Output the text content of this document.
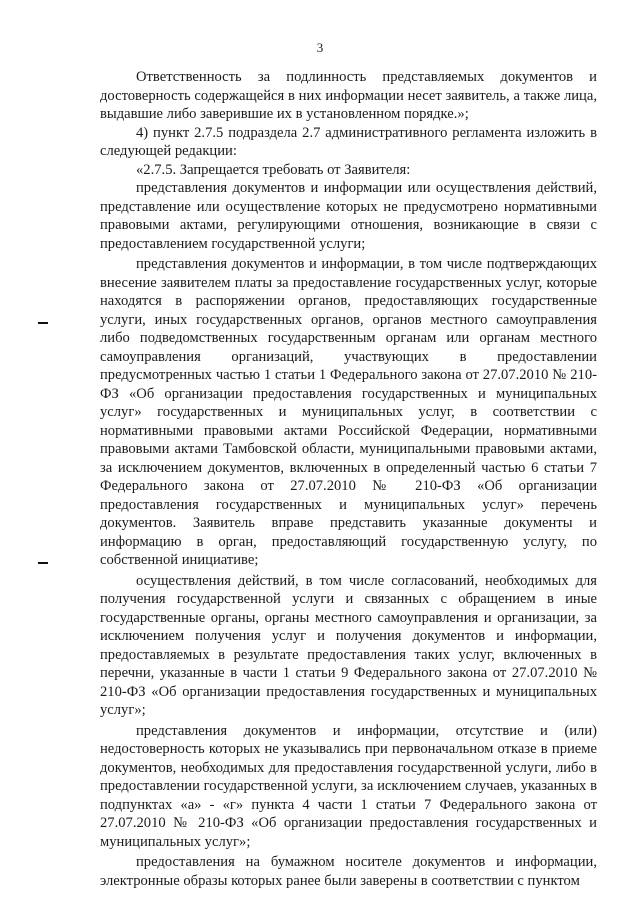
3

Ответственность за подлинность представляемых документов и достоверность содержащейся в них информации несет заявитель, а также лица, выдавшие либо заверившие их в установленном порядке.»;

4) пункт 2.7.5 подраздела 2.7 административного регламента изложить в следующей редакции:

«2.7.5. Запрещается требовать от Заявителя:

представления документов и информации или осуществления действий, представление или осуществление которых не предусмотрено нормативными правовыми актами, регулирующими отношения, возникающие в связи с предоставлением государственной услуги;

представления документов и информации, в том числе подтверждающих внесение заявителем платы за предоставление государственных услуг, которые находятся в распоряжении органов, предоставляющих государственные услуги, иных государственных органов, органов местного самоуправления либо подведомственных государственным органам или органам местного самоуправления организаций, участвующих в предоставлении предусмотренных частью 1 статьи 1 Федерального закона от 27.07.2010 № 210-ФЗ «Об организации предоставления государственных и муниципальных услуг» государственных и муниципальных услуг, в соответствии с нормативными правовыми актами Российской Федерации, нормативными правовыми актами Тамбовской области, муниципальными правовыми актами, за исключением документов, включенных в определенный частью 6 статьи 7 Федерального закона от 27.07.2010 № 210-ФЗ «Об организации предоставления государственных и муниципальных услуг» перечень документов. Заявитель вправе представить указанные документы и информацию в орган, предоставляющий государственную услугу, по собственной инициативе;

осуществления действий, в том числе согласований, необходимых для получения государственной услуги и связанных с обращением в иные государственные органы, органы местного самоуправления и организации, за исключением получения услуг и получения документов и информации, предоставляемых в результате предоставления таких услуг, включенных в перечни, указанные в части 1 статьи 9 Федерального закона от 27.07.2010 № 210-ФЗ «Об организации предоставления государственных и муниципальных услуг»;

представления документов и информации, отсутствие и (или) недостоверность которых не указывались при первоначальном отказе в приеме документов, необходимых для предоставления государственной услуги, либо в предоставлении государственной услуги, за исключением случаев, указанных в подпунктах «а» - «г» пункта 4 части 1 статьи 7 Федерального закона от 27.07.2010 № 210-ФЗ «Об организации предоставления государственных и муниципальных услуг»;

предоставления на бумажном носителе документов и информации, электронные образы которых ранее были заверены в соответствии с пунктом
